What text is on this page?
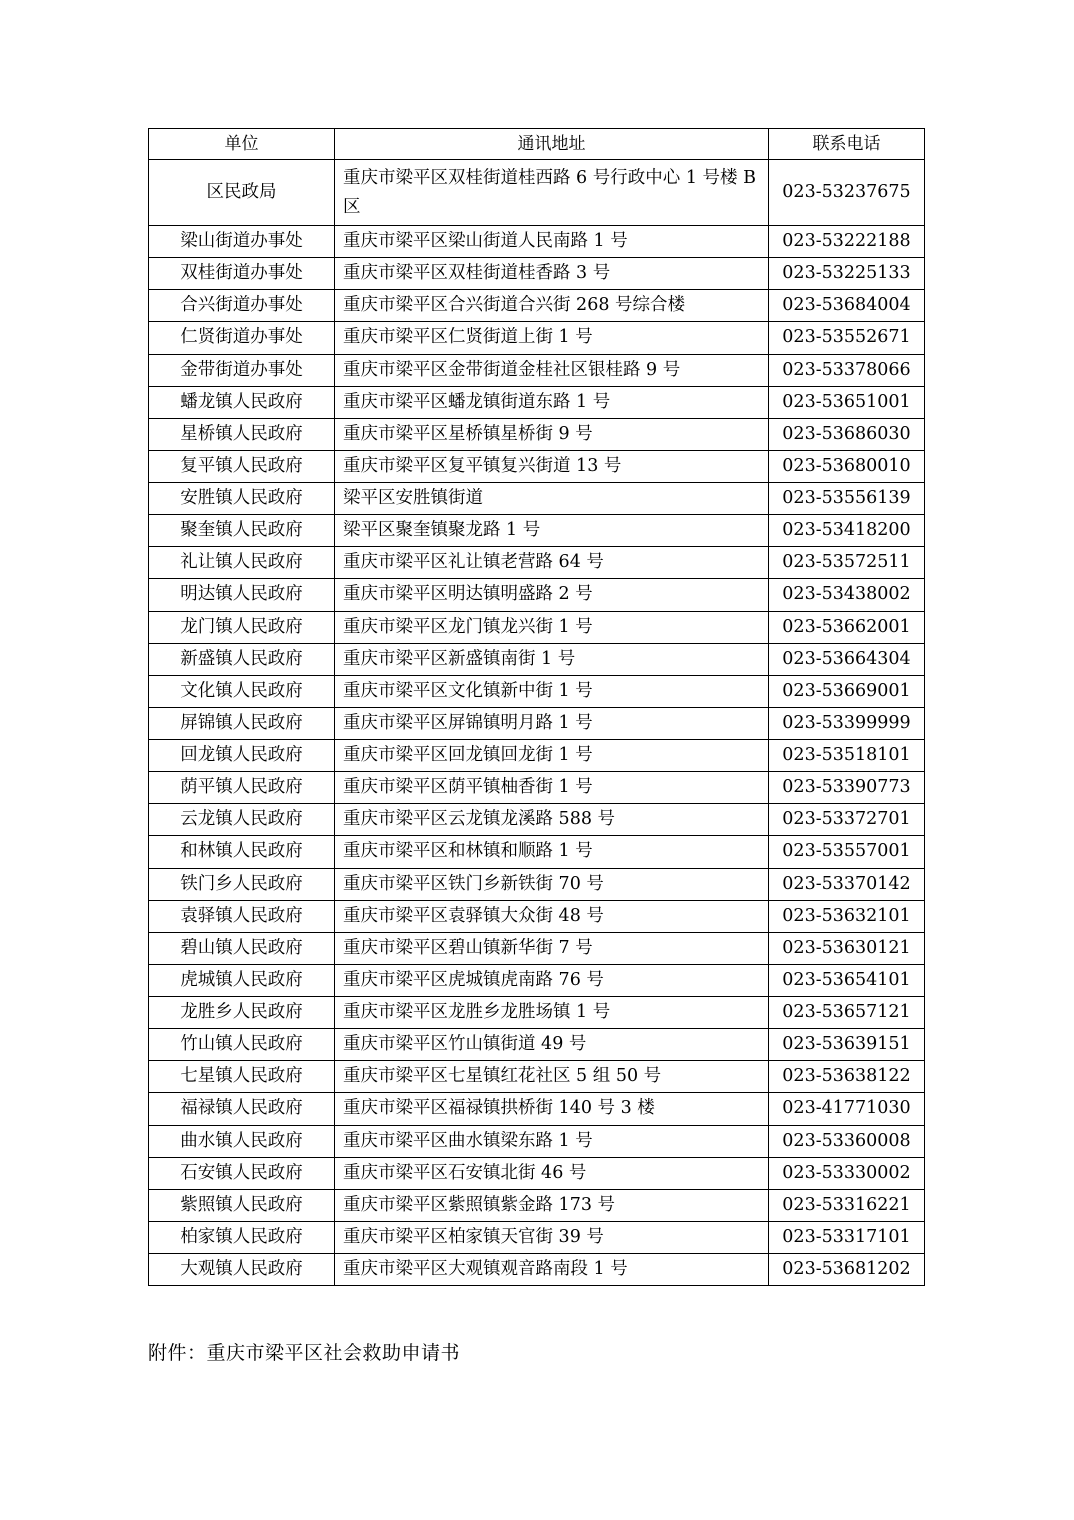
单位	通讯地址	联系电话
区民政局	重庆市梁平区双桂街道桂西路 6 号行政中心 1 号楼 B 区	023-53237675
梁山街道办事处	重庆市梁平区梁山街道人民南路 1 号	023-53222188
双桂街道办事处	重庆市梁平区双桂街道桂香路 3 号	023-53225133
合兴街道办事处	重庆市梁平区合兴街道合兴街 268 号综合楼	023-53684004
仁贤街道办事处	重庆市梁平区仁贤街道上街 1 号	023-53552671
金带街道办事处	重庆市梁平区金带街道金桂社区银桂路 9 号	023-53378066
蟠龙镇人民政府	重庆市梁平区蟠龙镇街道东路 1 号	023-53651001
星桥镇人民政府	重庆市梁平区星桥镇星桥街 9 号	023-53686030
复平镇人民政府	重庆市梁平区复平镇复兴街道 13 号	023-53680010
安胜镇人民政府	梁平区安胜镇街道	023-53556139
聚奎镇人民政府	梁平区聚奎镇聚龙路 1 号	023-53418200
礼让镇人民政府	重庆市梁平区礼让镇老营路 64 号	023-53572511
明达镇人民政府	重庆市梁平区明达镇明盛路 2 号	023-53438002
龙门镇人民政府	重庆市梁平区龙门镇龙兴街 1 号	023-53662001
新盛镇人民政府	重庆市梁平区新盛镇南街 1 号	023-53664304
文化镇人民政府	重庆市梁平区文化镇新中街 1 号	023-53669001
屏锦镇人民政府	重庆市梁平区屏锦镇明月路 1 号	023-53399999
回龙镇人民政府	重庆市梁平区回龙镇回龙街 1 号	023-53518101
荫平镇人民政府	重庆市梁平区荫平镇柚香街 1 号	023-53390773
云龙镇人民政府	重庆市梁平区云龙镇龙溪路 588 号	023-53372701
和林镇人民政府	重庆市梁平区和林镇和顺路 1 号	023-53557001
铁门乡人民政府	重庆市梁平区铁门乡新铁街 70 号	023-53370142
袁驿镇人民政府	重庆市梁平区袁驿镇大众街 48 号	023-53632101
碧山镇人民政府	重庆市梁平区碧山镇新华街 7 号	023-53630121
虎城镇人民政府	重庆市梁平区虎城镇虎南路 76 号	023-53654101
龙胜乡人民政府	重庆市梁平区龙胜乡龙胜场镇 1 号	023-53657121
竹山镇人民政府	重庆市梁平区竹山镇街道 49 号	023-53639151
七星镇人民政府	重庆市梁平区七星镇红花社区 5 组 50 号	023-53638122
福禄镇人民政府	重庆市梁平区福禄镇拱桥街 140 号 3 楼	023-41771030
曲水镇人民政府	重庆市梁平区曲水镇梁东路 1 号	023-53360008
石安镇人民政府	重庆市梁平区石安镇北街 46 号	023-53330002
紫照镇人民政府	重庆市梁平区紫照镇紫金路 173 号	023-53316221
柏家镇人民政府	重庆市梁平区柏家镇天官街 39 号	023-53317101
大观镇人民政府	重庆市梁平区大观镇观音路南段 1 号	023-53681202
附件：重庆市梁平区社会救助申请书
